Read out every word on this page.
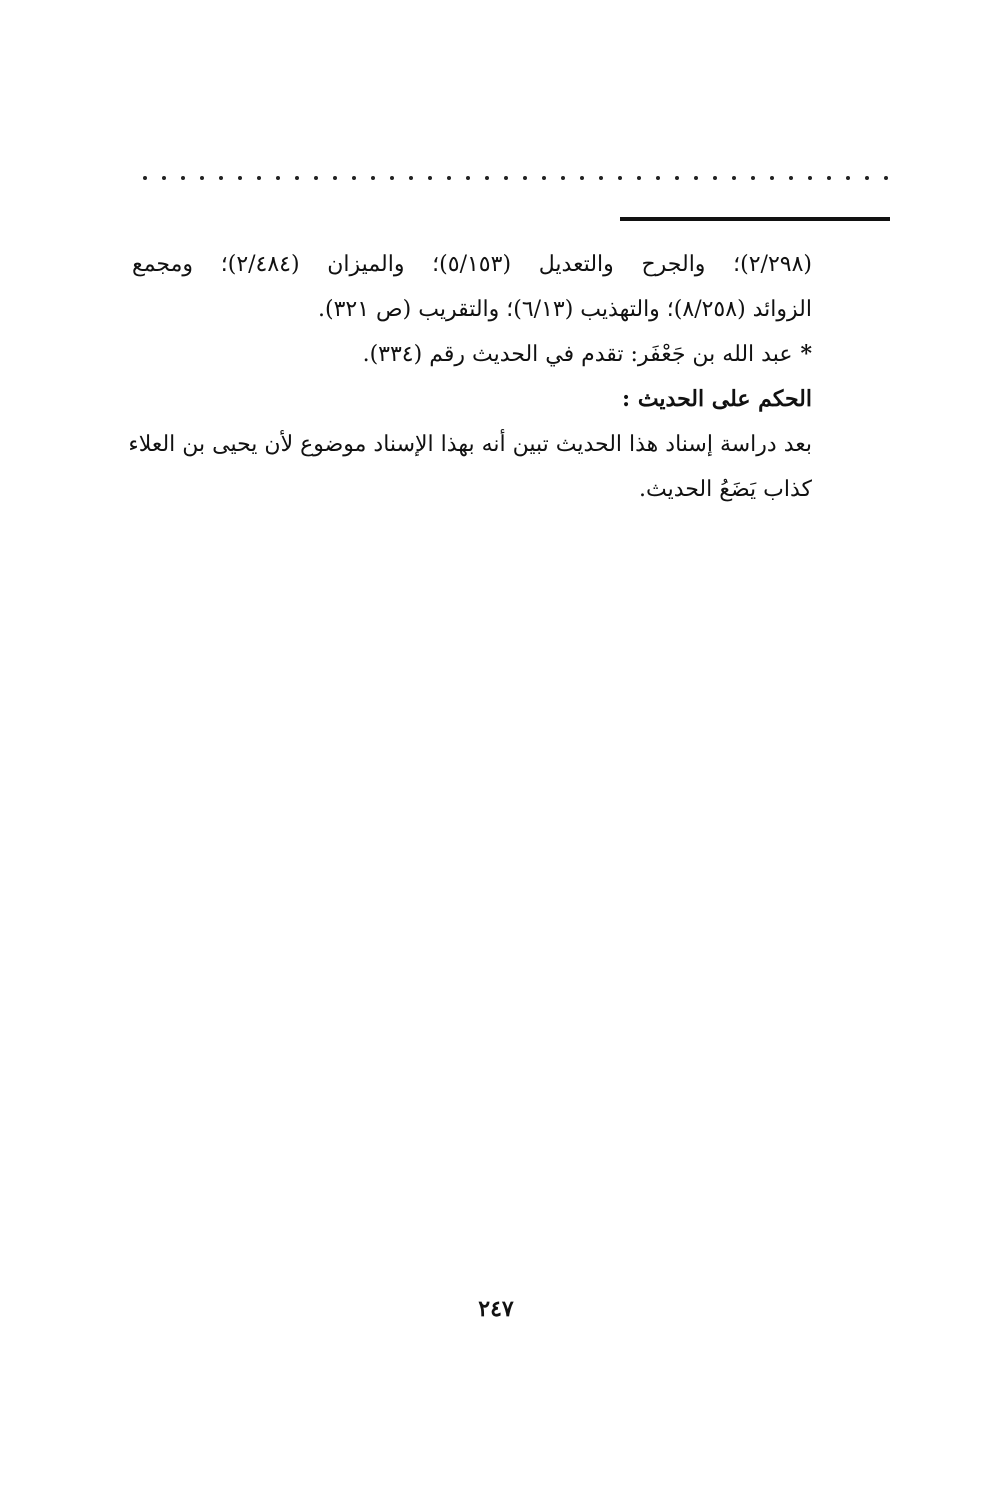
(٢/٢٩٨)؛ والجرح والتعديل (٥/١٥٣)؛ والميزان (٢/٤٨٤)؛ ومجمع
الزوائد (٨/٢٥٨)؛ والتهذيب (٦/١٣)؛ والتقريب (ص ٣٢١).
*عبد الله بن جَعْفَر: تقدم في الحديث رقم (٣٣٤).
الحكم على الحديث :
بعد دراسة إسناد هذا الحديث تبين أنه بهذا الإسناد موضوع لأن يحيى بن العلاء
كذاب يَضَعُ الحديث.
٢٤٧
